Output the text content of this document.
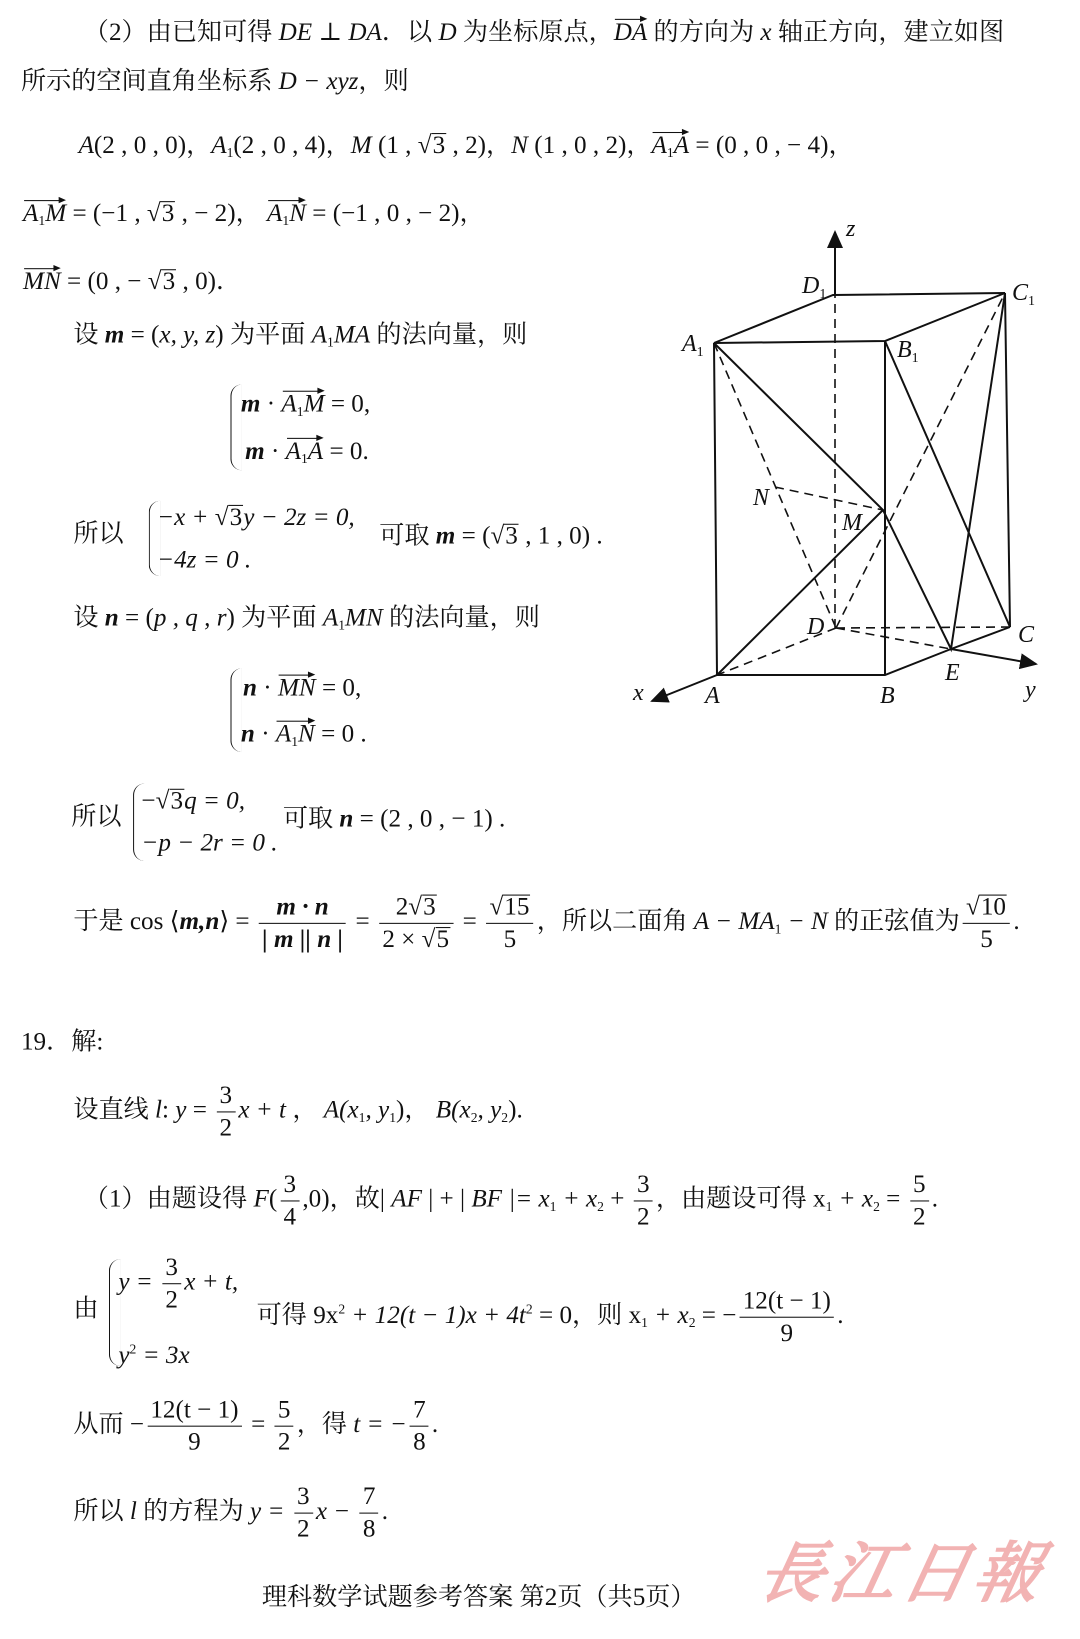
（2）由已知可得 DE ⊥ DA．以 D 为坐标原点，DA 的方向为 x 轴正方向，建立如图
所示的空间直角坐标系 D − xyz，则
A(2 , 0 , 0)，$A_1(2$ , 0 , 4)，M (1 , √3 , 2)，N (1 , 0 , 2)，$A_1A = (0$ , 0 , − 4)，
$A_1M = (-1$ , √3 , − 2)， $A_1N = (-1$ , 0 , − 2)，
MN = (0 , − √3 , 0)．
设 m = (x, y, z) 为平面 $A_1MA$ 的法向量，则
$m \cdot A_1M = 0$,
$m \cdot A_1A = 0$.
所以
−x + √3y − 2z = 0,
−4z = 0 .
可取 m = (√3 , 1 , 0) .
设 n = (p , q , r) 为平面 $A_1MN$ 的法向量，则
n · MN = 0,
$n \cdot A_1N = 0$ .
所以
−√3q = 0,
−p − 2r = 0 .
可取 n = (2 , 0 , − 1) .
于是 cos ⟨m,n⟩ = $\frac{m \cdot n}{| m || n |} = \frac{2√3}{2 \times √5} = \frac{√15}{5}$ ，所以二面角 $A - MA_1 - N$ 的正弦值为 $\frac{√10}{5}$ .
19．解:
设直线 l: $y = \frac{3}{2}$ x + t ， $A(x_1$, $y_1$)， $B(x_2$, $y_2$).
（1）由题设得 $F( \frac{3}{4} ,0)$，故| AF | + | BF |= $x_1 + x_2 + \frac{3}{2}$ ，由题设可得 $x_1 + x_2 = \frac{5}{2}$ .
由
$y = \frac{3}{2}$ x + t,
$y^2 = 3x$
可得 $9x^2 + 12(t - 1)x + 4t^2 = 0$，则 $x_1 + x_2$ = − $\frac{12(t - 1)}{9}$ .
从而 − $\frac{12(t - 1)}{9} = \frac{5}{2}$ ，得 t = − $\frac{7}{8}$ .
所以 l 的方程为 $y = \frac{3}{2}$ $x - \frac{7}{8}$ .
理科数学试题参考答案 第2页（共5页） 長江日報
z
x	y
A	B
C
D
E
M
N
$A_1$	$B_1$
$C_1$
$D_1$
